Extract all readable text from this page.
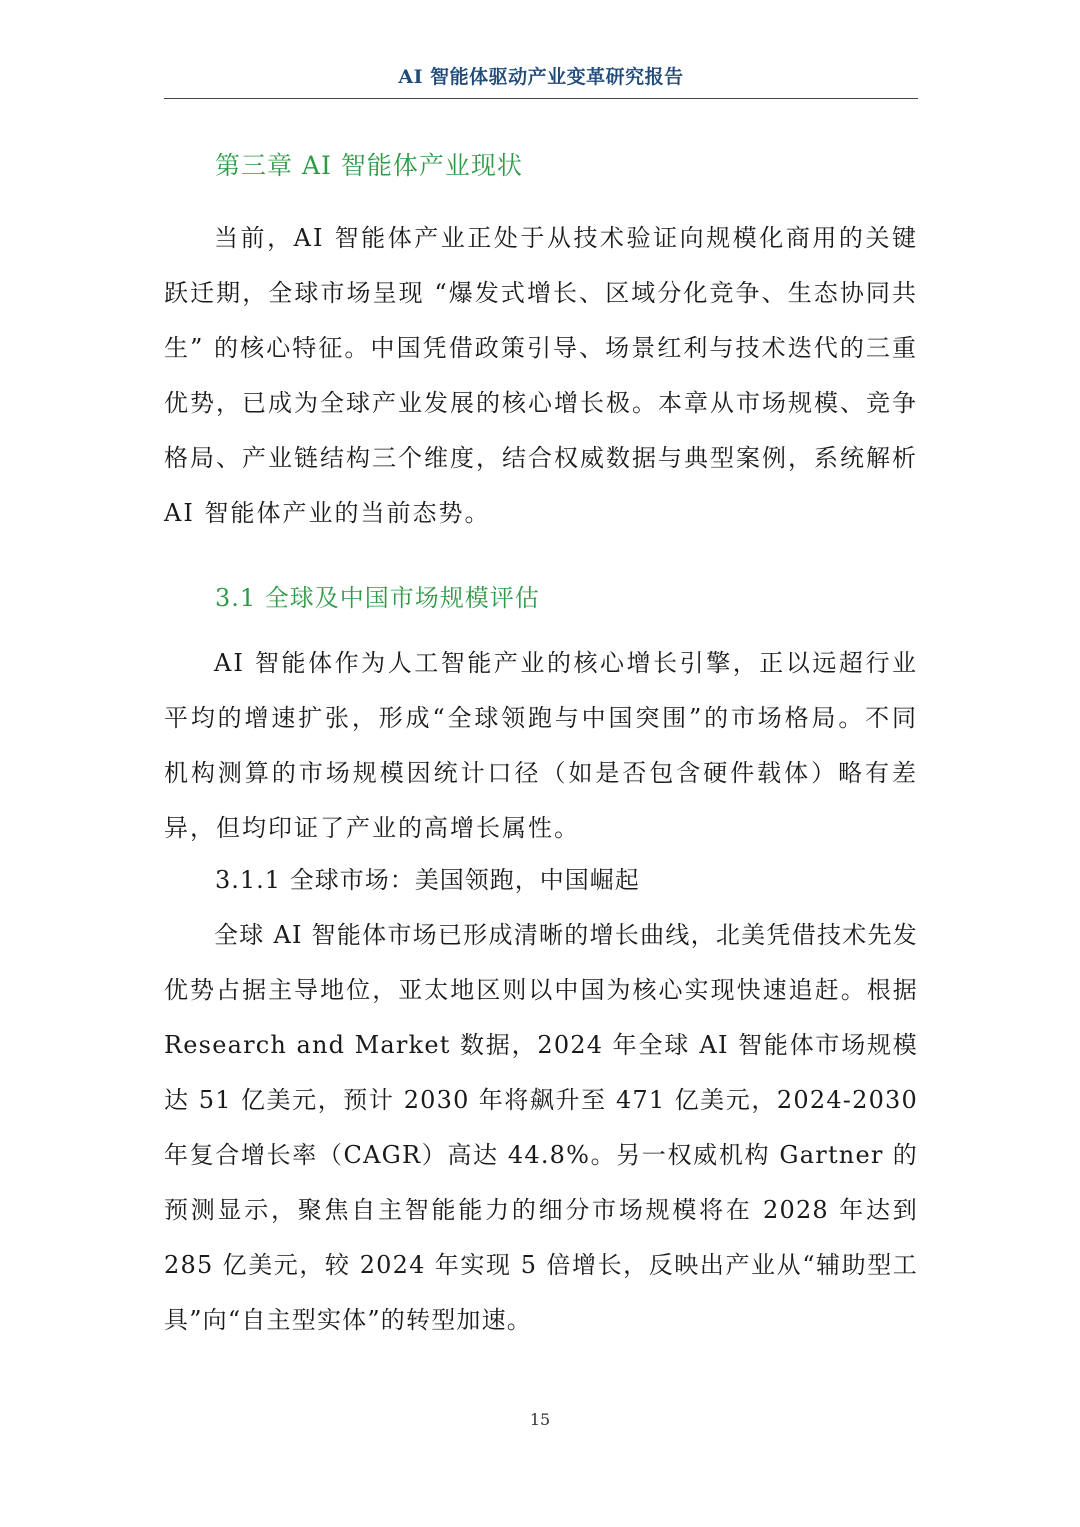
AI 智能体驱动产业变革研究报告
第三章 AI 智能体产业现状

当前，AI 智能体产业正处于从技术验证向规模化商用的关键跃迁期，全球市场呈现 “爆发式增长、区域分化竞争、生态协同共生” 的核心特征。中国凭借政策引导、场景红利与技术迭代的三重优势，已成为全球产业发展的核心增长极。本章从市场规模、竞争格局、产业链结构三个维度，结合权威数据与典型案例，系统解析 AI 智能体产业的当前态势。

3.1 全球及中国市场规模评估

AI 智能体作为人工智能产业的核心增长引擎，正以远超行业平均的增速扩张，形成“全球领跑与中国突围”的市场格局。不同机构测算的市场规模因统计口径（如是否包含硬件载体）略有差异，但均印证了产业的高增长属性。

3.1.1 全球市场：美国领跑，中国崛起

全球 AI 智能体市场已形成清晰的增长曲线，北美凭借技术先发优势占据主导地位，亚太地区则以中国为核心实现快速追赶。根据 Research and Market 数据，2024 年全球 AI 智能体市场规模达 51 亿美元，预计 2030 年将飙升至 471 亿美元，2024-2030 年复合增长率（CAGR）高达 44.8%。另一权威机构 Gartner 的预测显示，聚焦自主智能能力的细分市场规模将在 2028 年达到 285 亿美元，较 2024 年实现 5 倍增长，反映出产业从“辅助型工具”向“自主型实体”的转型加速。

15
